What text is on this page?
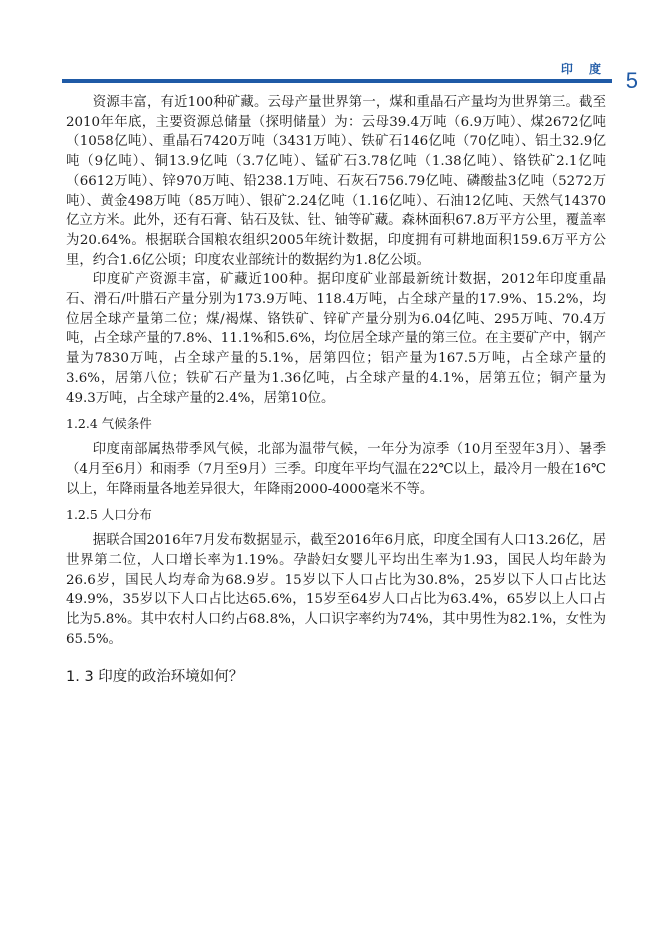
印 度 5

资源丰富，有近100种矿藏。云母产量世界第一，煤和重晶石产量均为世界第三。截至2010年年底，主要资源总储量（探明储量）为：云母39.4万吨（6.9万吨）、煤2672亿吨（1058亿吨）、重晶石7420万吨（3431万吨）、铁矿石146亿吨（70亿吨）、铝土32.9亿吨（9亿吨）、铜13.9亿吨（3.7亿吨）、锰矿石3.78亿吨（1.38亿吨）、铬铁矿2.1亿吨（6612万吨）、锌970万吨、铅238.1万吨、石灰石756.79亿吨、磷酸盐3亿吨（5272万吨）、黄金498万吨（85万吨）、银矿2.24亿吨（1.16亿吨）、石油12亿吨、天然气14370亿立方米。此外，还有石膏、钻石及钛、钍、铀等矿藏。森林面积67.8万平方公里，覆盖率为20.64%。根据联合国粮农组织2005年统计数据，印度拥有可耕地面积159.6万平方公里，约合1.6亿公顷；印度农业部统计的数据约为1.8亿公顷。

印度矿产资源丰富，矿藏近100种。据印度矿业部最新统计数据，2012年印度重晶石、滑石/叶腊石产量分别为173.9万吨、118.4万吨，占全球产量的17.9%、15.2%，均位居全球产量第二位；煤/褐煤、铬铁矿、锌矿产量分别为6.04亿吨、295万吨、70.4万吨，占全球产量的7.8%、11.1%和5.6%，均位居全球产量的第三位。在主要矿产中，钢产量为7830万吨，占全球产量的5.1%，居第四位；铝产量为167.5万吨，占全球产量的3.6%，居第八位；铁矿石产量为1.36亿吨，占全球产量的4.1%，居第五位；铜产量为49.3万吨，占全球产量的2.4%，居第10位。

1.2.4 气候条件

印度南部属热带季风气候，北部为温带气候，一年分为凉季（10月至翌年3月）、暑季（4月至6月）和雨季（7月至9月）三季。印度年平均气温在22℃以上，最冷月一般在16℃以上，年降雨量各地差异很大，年降雨2000-4000毫米不等。

1.2.5 人口分布

据联合国2016年7月发布数据显示，截至2016年6月底，印度全国有人口13.26亿，居世界第二位，人口增长率为1.19%。孕龄妇女婴儿平均出生率为1.93，国民人均年龄为26.6岁，国民人均寿命为68.9岁。15岁以下人口占比为30.8%，25岁以下人口占比达49.9%，35岁以下人口占比达65.6%，15岁至64岁人口占比为63.4%，65岁以上人口占比为5.8%。其中农村人口约占68.8%，人口识字率约为74%，其中男性为82.1%，女性为65.5%。

1. 3 印度的政治环境如何？
